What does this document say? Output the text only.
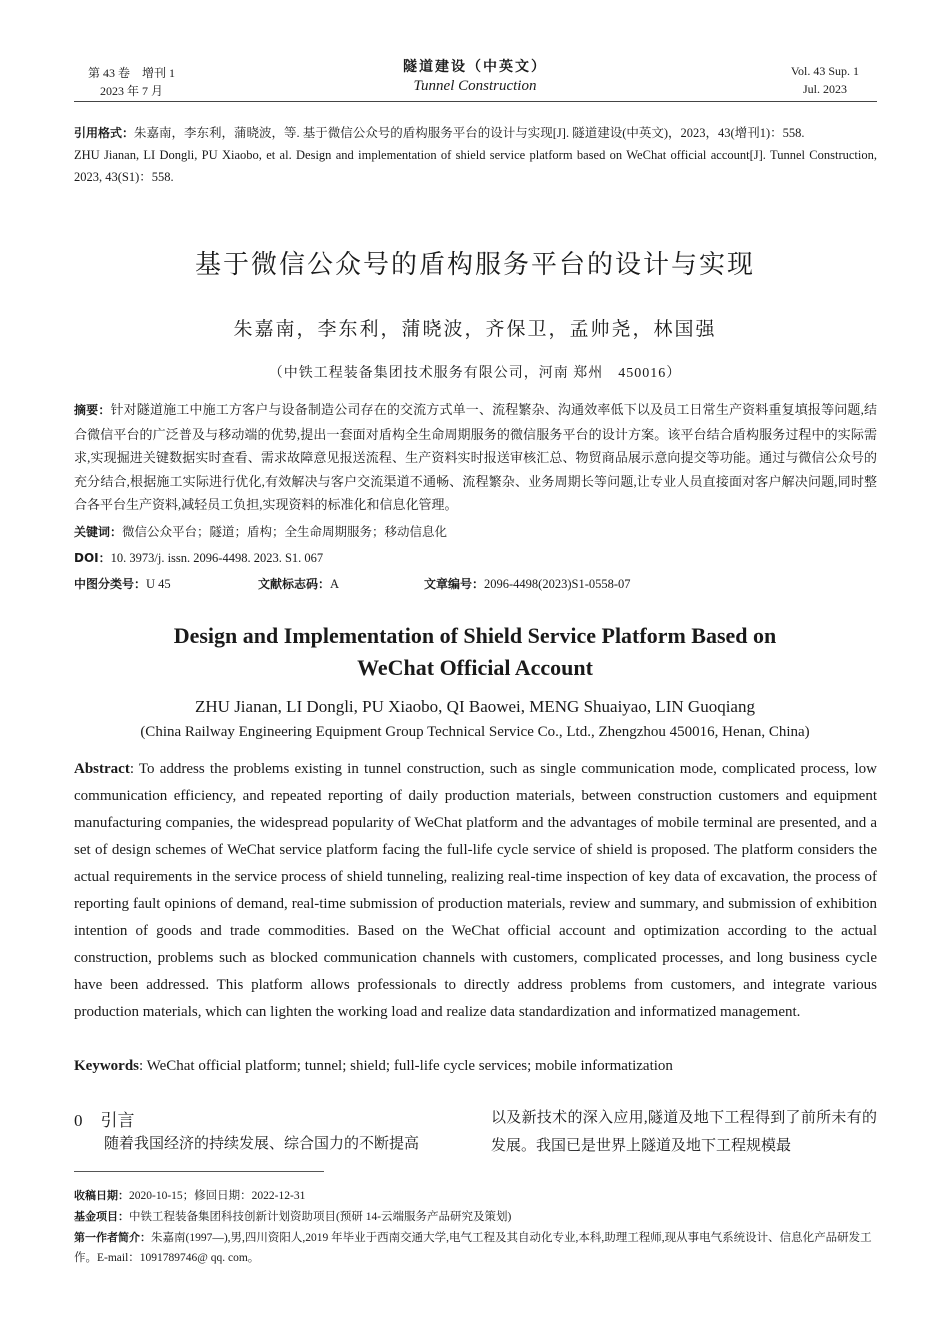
第 43 卷　增刊 1
2023 年 7 月
隧道建设（中英文）
Tunnel Construction
Vol. 43 Sup. 1
Jul. 2023
引用格式：朱嘉南，李东利，蒲晓波，等. 基于微信公众号的盾构服务平台的设计与实现[J]. 隧道建设(中英文)，2023，43(增刊1)：558.
ZHU Jianan, LI Dongli, PU Xiaobo, et al. Design and implementation of shield service platform based on WeChat official account[J]. Tunnel Construction, 2023, 43(S1)：558.
基于微信公众号的盾构服务平台的设计与实现
朱嘉南，李东利，蒲晓波，齐保卫，孟帅尧，林国强
（中铁工程装备集团技术服务有限公司，河南 郑州　450016）
摘要：针对隧道施工中施工方客户与设备制造公司存在的交流方式单一、流程繁杂、沟通效率低下以及员工日常生产资料重复填报等问题,结合微信平台的广泛普及与移动端的优势,提出一套面对盾构全生命周期服务的微信服务平台的设计方案。该平台结合盾构服务过程中的实际需求,实现掘进关键数据实时查看、需求故障意见报送流程、生产资料实时报送审核汇总、物贸商品展示意向提交等功能。通过与微信公众号的充分结合,根据施工实际进行优化,有效解决与客户交流渠道不通畅、流程繁杂、业务周期长等问题,让专业人员直接面对客户解决问题,同时整合各平台生产资料,减轻员工负担,实现资料的标准化和信息化管理。
关键词：微信公众平台；隧道；盾构；全生命周期服务；移动信息化
DOI：10. 3973/j. issn. 2096-4498. 2023. S1. 067
中图分类号：U 45	文献标志码：A	文章编号：2096-4498(2023)S1-0558-07
Design and Implementation of Shield Service Platform Based on
WeChat Official Account
ZHU Jianan, LI Dongli, PU Xiaobo, QI Baowei, MENG Shuaiyao, LIN Guoqiang
(China Railway Engineering Equipment Group Technical Service Co., Ltd., Zhengzhou 450016, Henan, China)
Abstract: To address the problems existing in tunnel construction, such as single communication mode, complicated process, low communication efficiency, and repeated reporting of daily production materials, between construction customers and equipment manufacturing companies, the widespread popularity of WeChat platform and the advantages of mobile terminal are presented, and a set of design schemes of WeChat service platform facing the full-life cycle service of shield is proposed. The platform considers the actual requirements in the service process of shield tunneling, realizing real-time inspection of key data of excavation, the process of reporting fault opinions of demand, real-time submission of production materials, review and summary, and submission of exhibition intention of goods and trade commodities. Based on the WeChat official account and optimization according to the actual construction, problems such as blocked communication channels with customers, complicated processes, and long business cycle have been addressed. This platform allows professionals to directly address problems from customers, and integrate various production materials, which can lighten the working load and realize data standardization and informatized management.
Keywords: WeChat official platform; tunnel; shield; full-life cycle services; mobile informatization
0 引言
随着我国经济的持续发展、综合国力的不断提高
以及新技术的深入应用,隧道及地下工程得到了前所未有的发展。我国已是世界上隧道及地下工程规模最
收稿日期：2020-10-15；修回日期：2022-12-31
基金项目：中铁工程装备集团科技创新计划资助项目(预研 14-云端服务产品研究及策划)
第一作者简介：朱嘉南(1997—),男,四川资阳人,2019 年毕业于西南交通大学,电气工程及其自动化专业,本科,助理工程师,现从事电气系统设计、信息化产品研发工作。E-mail：1091789746@ qq. com。
